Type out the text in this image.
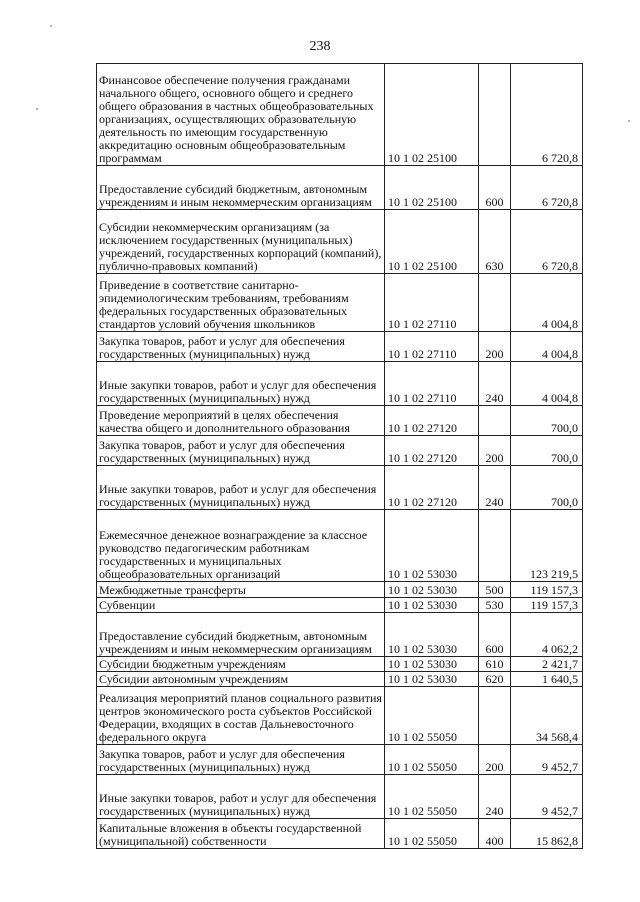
238
Финансовое обеспечение получения гражданами начального общего, основного общего и среднего общего образования в частных общеобразовательных организациях, осуществляющих образовательную деятельность по имеющим государственную аккредитацию основным общеобразовательным программам	10 1 02 25100		6 720,8
Предоставление субсидий бюджетным, автономным учреждениям и иным некоммерческим организациям	10 1 02 25100	600	6 720,8
Субсидии некоммерческим организациям (за исключением государственных (муниципальных) учреждений, государственных корпораций (компаний), публично-правовых компаний)	10 1 02 25100	630	6 720,8
Приведение в соответствие санитарно-эпидемиологическим требованиям, требованиям федеральных государственных образовательных стандартов условий обучения школьников	10 1 02 27110		4 004,8
Закупка товаров, работ и услуг для обеспечения государственных (муниципальных) нужд	10 1 02 27110	200	4 004,8
Иные закупки товаров, работ и услуг для обеспечения государственных (муниципальных) нужд	10 1 02 27110	240	4 004,8
Проведение мероприятий в целях обеспечения качества общего и дополнительного образования	10 1 02 27120		700,0
Закупка товаров, работ и услуг для обеспечения государственных (муниципальных) нужд	10 1 02 27120	200	700,0
Иные закупки товаров, работ и услуг для обеспечения государственных (муниципальных) нужд	10 1 02 27120	240	700,0
Ежемесячное денежное вознаграждение за классное руководство педагогическим работникам государственных и муниципальных общеобразовательных организаций	10 1 02 53030		123 219,5
Межбюджетные трансферты	10 1 02 53030	500	119 157,3
Субвенции	10 1 02 53030	530	119 157,3
Предоставление субсидий бюджетным, автономным учреждениям и иным некоммерческим организациям	10 1 02 53030	600	4 062,2
Субсидии бюджетным учреждениям	10 1 02 53030	610	2 421,7
Субсидии автономным учреждениям	10 1 02 53030	620	1 640,5
Реализация мероприятий планов социального развития центров экономического роста субъектов Российской Федерации, входящих в состав Дальневосточного федерального округа	10 1 02 55050		34 568,4
Закупка товаров, работ и услуг для обеспечения государственных (муниципальных) нужд	10 1 02 55050	200	9 452,7
Иные закупки товаров, работ и услуг для обеспечения государственных (муниципальных) нужд	10 1 02 55050	240	9 452,7
Капитальные вложения в объекты государственной (муниципальной) собственности	10 1 02 55050	400	15 862,8
